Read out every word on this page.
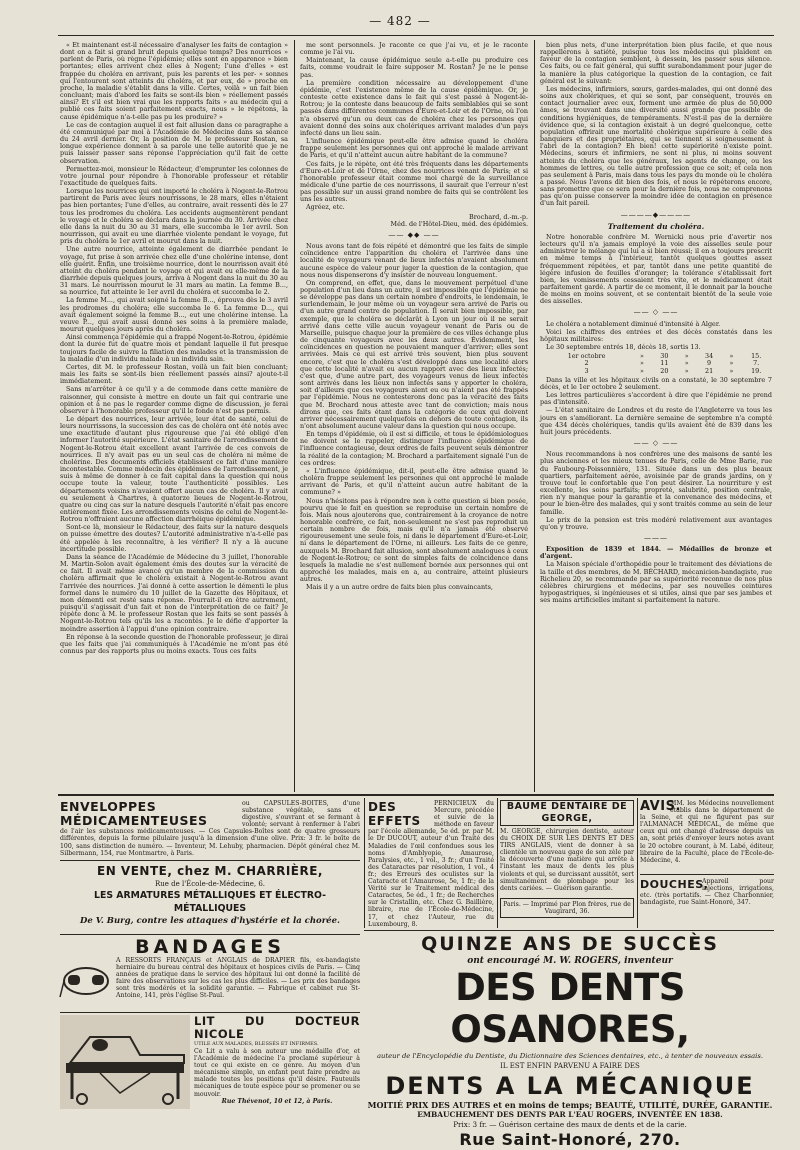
— 482 —

« Et maintenant est-il nécessaire d'analyser les faits de contagion » dont on a fait si grand bruit depuis quelque temps? Des nourrices » parlent de Paris, où règne l'épidémie; elles sont en apparence » bien portantes; elles arrivent chez elles à Nogent; l'une d'elles » est frappée du choléra en arrivant, puis les parents et les per- » sonnes qui l'entourent sont atteints du choléra, et par eux, de » proche en proche, la maladie s'établit dans la ville. Certes, voilà » un fait bien concluant; mais d'abord les faits se sont-ils bien » réellement passés ainsi? Et s'il est bien vrai que les rapports faits » au médecin qui a publié ces faits soient parfaitement exacts, nous » le répétons, la cause épidémique n'a-t-elle pas pu les produire? »

Le cas de contagion auquel il est fait allusion dans ce paragraphe a été communiqué par moi à l'Académie de Médecine dans sa séance du 24 avril dernier. Or, la position de M. le professeur Rostan, sa longue expérience donnent à sa parole une telle autorité que je ne puis laisser passer sans réponse l'appréciation qu'il fait de cette observation.

Permettez-moi, monsieur le Rédacteur, d'emprunter les colonnes de votre journal pour répondre à l'honorable professeur et rétablir l'exactitude de quelques faits.

Lorsque les nourrices qui ont importé le choléra à Nogent-le-Rotrou partirent de Paris avec leurs nourrissons, le 28 mars, elles n'étaient pas bien portantes; l'une d'elles, au contraire, avait ressenti dès le 27 tous les prodromes du choléra. Les accidents augmentèrent pendant le voyage et le choléra se déclara dans la journée du 30. Arrivée chez elle dans la nuit du 30 au 31 mars, elle succomba le 1er avril. Son nourrisson, qui avait eu une diarrhée violente pendant le voyage, fut pris du choléra le 1er avril et mourut dans la nuit.

Une autre nourrice, atteinte également de diarrhée pendant le voyage, fut prise à son arrivée chez elle d'une cholérine intense, dont elle guérit. Enfin, une troisième nourrice, dont le nourrisson avait été atteint du choléra pendant le voyage et qui avait eu elle-même de la diarrhée depuis quelques jours, arriva à Nogent dans la nuit du 30 au 31 mars. Le nourrisson mourut le 31 mars au matin. La femme B..., sa nourrice, fut atteinte le 1er avril du choléra et succomba le 2.

La femme M..., qui avait soigné la femme B..., éprouva dès le 3 avril les prodromes du choléra; elle succomba le 6. La femme D..., qui avait également soigné la femme B..., eut une cholérine intense. La veuve P..., qui avait aussi donné ses soins à la première malade, mourut quelques jours après du choléra.

Ainsi commença l'épidémie qui a frappé Nogent-le-Rotrou, épidémie dont la durée fut de quatre mois et pendant laquelle il fut presque toujours facile de suivre la filiation des malades et la transmission de la maladie d'un individu malade à un individu sain.

Certes, dit M. le professeur Rostan, voilà un fait bien concluant; mais les faits se sont-ils bien réellement passés ainsi? ajoute-t-il immédiatement.

Sans m'arrêter à ce qu'il y a de commode dans cette manière de raisonner, qui consiste à mettre en doute un fait qui contrarie une opinion et à ne pas le regarder comme digne de discussion, je ferai observer à l'honorable professeur qu'il le fonde n'est pas permis.

Le départ des nourrices, leur arrivée, leur état de santé, celui de leurs nourrissons, la succession des cas de choléra ont été notés avec une exactitude d'autant plus rigoureuse que j'ai été obligé d'en informer l'autorité supérieure. L'état sanitaire de l'arrondissement de Nogent-le-Rotrou était excellent avant l'arrivée de ces convois de nourrices. Il n'y avait pas eu un seul cas de choléra ni même de cholérine. Des documents officiels établissent ce fait d'une manière incontestable. Comme médecin des épidémies de l'arrondissement, je suis à même de donner à ce fait capital dans la question qui nous occupe toute la valeur, toute l'authenticité possibles. Les départements voisins n'avaient offert aucun cas de choléra. Il y avait eu seulement à Chartres, à quatorze lieues de Nogent-le-Rotrou, quatre ou cinq cas sur la nature desquels l'autorité n'était pas encore entièrement fixée. Les arrondissements voisins de celui de Nogent-le-Rotrou n'offraient aucune affection diarrhéique épidémique.

Sont-ce là, monsieur le Rédacteur, des faits sur la nature desquels on puisse émettre des doutes? L'autorité administrative n'a-t-elle pas été appelée à les reconnaître, à les vérifier? Il n'y a là aucune incertitude possible.

Dans la séance de l'Académie de Médecine du 3 juillet, l'honorable M. Martin-Solon avait également émis des doutes sur la véracité de ce fait. Il avait même avancé qu'un membre de la commission du choléra affirmait que le choléra existait à Nogent-le-Rotrou avant l'arrivée des nourrices. J'ai donné à cette assertion le démenti le plus formel dans le numéro du 10 juillet de la Gazette des Hôpitaux, et mon démenti est resté sans réponse. Pourrait-il en être autrement, puisqu'il s'agissait d'un fait et non de l'interprétation de ce fait? Je répète donc à M. le professeur Rostan que les faits se sont passés à Nogent-le-Rotrou tels qu'ils les a racontés. Je le défie d'apporter la moindre assertion à l'appui d'une opinion contraire.

En réponse à la seconde question de l'honorable professeur, je dirai que les faits que j'ai communiqués à l'Académie ne m'ont pas été connus par des rapports plus ou moins exacts. Tous ces faits

me sont personnels. Je raconte ce que j'ai vu, et je le raconte comme je l'ai vu.

Maintenant, la cause épidémique seule a-t-elle pu produire ces faits, comme voudrait le faire supposer M. Rostan? Je ne le pense pas.

La première condition nécessaire au développement d'une épidémie, c'est l'existence même de la cause épidémique. Or, je conteste cette existence dans le fait qui s'est passé à Nogent-le-Rotrou; je la conteste dans beaucoup de faits semblables qui se sont passés dans différentes communes d'Eure-et-Loir et de l'Orne, où l'on n'a observé qu'un ou deux cas de choléra chez les personnes qui avaient donné des soins aux cholériques arrivant malades d'un pays infecté dans un lieu sain.

L'influence épidémique peut-elle être admise quand le choléra frappe seulement les personnes qui ont approché le malade arrivant de Paris, et qu'il n'atteint aucun autre habitant de la commune?

Ces faits, je le répète, ont été très fréquents dans les départements d'Eure-et-Loir et de l'Orne, chez des nourrices venant de Paris; et si l'honorable professeur était comme moi chargé de la surveillance médicale d'une partie de ces nourrissons, il saurait que l'erreur n'est pas possible sur un aussi grand nombre de faits qui se contrôlent les uns les autres.

Agréez, etc.

Brochard, d.-m.-p.
Méd. de l'Hôtel-Dieu, méd. des épidémies.
—— ◆◆ ——

Nous avons tant de fois répété et démontré que les faits de simple coïncidence entre l'apparition du choléra et l'arrivée dans une localité de voyageurs venant de lieux infectés n'avaient absolument aucune espèce de valeur pour juger la question de la contagion, que nous nous dispenserons d'y insister de nouveau longuement.

On comprend, en effet, que, dans le mouvement perpétuel d'une population d'un lieu dans un autre, il est impossible que l'épidémie ne se développe pas dans un certain nombre d'endroits, le lendemain, le surlendemain, le jour même où un voyageur sera arrivé de Paris ou d'un autre grand centre de population. Il serait bien impossible, par exemple, que le choléra se déclarât à Lyon un jour où il ne serait arrivé dans cette ville aucun voyageur venant de Paris ou de Marseille, puisque chaque jour la première de ces villes échange plus de cinquante voyageurs avec les deux autres. Évidemment, les coïncidences en question ne pouvaient manquer d'arriver; elles sont arrivées. Mais ce qui est arrivé très souvent, bien plus souvent encore, c'est que le choléra s'est développé dans une localité alors que cette localité n'avait eu aucun rapport avec des lieux infectés; c'est que, d'une autre part, des voyageurs venus de lieux infectés sont arrivés dans les lieux non infectés sans y apporter le choléra, soit d'ailleurs que ces voyageurs aient eu ou n'aient pas été frappés par l'épidémie. Nous ne contesterons donc pas la véracité des faits que M. Brochard nous atteste avec tant de conviction; mais nous dirons que, ces faits étant dans la catégorie de ceux qui doivent arriver nécessairement quelquefois en dehors de toute contagion, ils n'ont absolument aucune valeur dans la question qui nous occupe.

En temps d'épidémie, où il est si difficile, et tous le épidémiologues ne doivent se le rappeler, distinguer l'influence épidémique de l'influence contagieuse, deux ordres de faits peuvent seuls démontrer la réalité de la contagion; M. Brochard a parfaitement signalé l'un de ces ordres:

« L'influence épidémique, dit-il, peut-elle être admise quand le choléra frappe seulement les personnes qui ont approché le malade arrivant de Paris, et qu'il n'atteint aucun autre habitant de la commune? »

Nous n'hésitons pas à répondre non à cette question si bien posée, pourvu que le fait en question se reproduise un certain nombre de fois. Mais nous ajouterons que, contrairement à la croyance de notre honorable confrère, ce fait, non-seulement ne s'est pas reproduit un certain nombre de fois, mais qu'il n'a jamais été observé rigoureusement une seule fois, ni dans le département d'Eure-et-Loir, ni dans le département de l'Orne, ni ailleurs. Les faits de ce genre, auxquels M. Brochard fait allusion, sont absolument analogues à ceux de Nogent-le-Rotrou; ce sont de simples faits de coïncidence dans lesquels la maladie ne s'est nullement bornée aux personnes qui ont approché les malades, mais en a, au contraire, atteint plusieurs autres.

Mais il y a un autre ordre de faits bien plus convaincants,

bien plus nets, d'une interprétation bien plus facile, et que nous rappellerons à satiété, puisque tous les médecins qui plaident en faveur de la contagion semblent, à dessein, les passer sous silence. Ces faits, ou ce fait général, qui suffit surabondamment pour juger de la manière la plus catégorique la question de la contagion, ce fait général est le suivant:

Les médecins, infirmiers, sœurs, gardes-malades, qui ont donné des soins aux cholériques, et qui se sont, par conséquent, trouvés en contact journalier avec eux, forment une armée de plus de 50,000 âmes, se trouvant dans une diversité aussi grande que possible de conditions hygiéniques, de tempéraments. N'est-il pas de la dernière évidence que, si la contagion existait à un degré quelconque, cette population offrirait une mortalité cholérique supérieure à celle des banquiers et des propriétaires, qui se tiennent si soigneusement à l'abri de la contagion? Eh bien! cette supériorité n'existe point. Médecins, sœurs et infirmiers, ne sont ni plus, ni moins souvent atteints du choléra que les généraux, les agents de change, ou les hommes de lettres, ou telle autre profession que ce soit; et cela non pas seulement à Paris, mais dans tous les pays du monde où le choléra a passé. Nous l'avons dit bien des fois, et nous le répéterons encore, sans promettre que ce sera pour la dernière fois, nous ne comprenons pas qu'on puisse conserver la moindre idée de contagion en présence d'un fait pareil.

————◆————
Traitement du choléra.

Notre honorable confrère M. Wernicki nous prie d'avertir nos lecteurs qu'il n'a jamais employé la voie des aisselles seule pour administrer le mélange qui lui a si bien réussi; il en a toujours prescrit en même temps à l'intérieur, tantôt quelques gouttes assez fréquemment répétées, et par, tantôt dans une petite quantité de légère infusion de feuilles d'oranger; la tolérance s'établissait fort bien, les vomissements cessaient très vite, et le médicament était parfaitement gardé. A partir de ce moment, il le donnait par la bouche de moins en moins souvent, et se contentait bientôt de la seule voie des aisselles.

—— ◇ ——

Le choléra a notablement diminué d'intensité à Alger.

Voici les chiffres des entrées et des décès constatés dans les hôpitaux militaires:

Le 30 septembre entrés 18, décès 18, sortis 13.

1er octobre	»	30	»	34	»	15.
2	»	11	»	9	»	7.
3	»	20	»	21	»	19.

Dans la ville et les hôpitaux civils on a constaté, le 30 septembre 7 décès, et le 1er octobre 2 seulement.

Les lettres particulières s'accordent à dire que l'épidémie ne prend pas d'intensité.

— L'état sanitaire de Londres et du reste de l'Angleterre va tous les jours en s'améliorant. La dernière semaine de septembre n'a compté que 434 décès cholériques, tandis qu'ils avaient été de 839 dans les huit jours précédents.

—— ◇ ——

Nous recommandons à nos confrères une des maisons de santé les plus anciennes et les mieux tenues de Paris, celle de Mme Barie, rue du Faubourg-Poissonnière, 131. Située dans un des plus beaux quartiers, parfaitement aérée, avoisinée par de grands jardins, on y trouve tout le confortable que l'on peut désirer. La nourriture y est excellente, les soins parfaits; propreté, salubrité, position centrale, rien n'y manque pour la garantie et la convenance des médecins, et pour le bien-être des malades, qui y sont traités comme au sein de leur famille.

Le prix de la pension est très modéré relativement aux avantages qu'on y trouve.

———

Exposition de 1839 et 1844. — Médailles de bronze et d'argent.

La Maison spéciale d'orthopédie pour le traitement des déviations de la taille et des membres, de M. BÉCHARD, mécanicien-bandagiste, rue Richelieu 20, se recommande par sa supériorité reconnue de nos plus célèbres chirurgiens et médecins, par ses nouvelles ceintures hypogastriques, si ingénieuses et si utiles, ainsi que par ses jambes et ses mains artificielles imitant si parfaitement la nature.

ENVELOPPES MÉDICAMENTEUSES
ou CAPSULES-BOITES, d'une substance végétale, sans et digestive, s'ouvrant et se fermant à volonté; servant à renfermer à l'abri de l'air les substances médicamenteuses. — Ces Capsules-Boîtes sont de quatre grosseurs différentes, depuis la forme pilulaire jusqu'à la dimension d'une olive. Prix: 3 fr. le boîte de 100, sans distinction de numéro. — Inventeur, M. Lehuby, pharmacien. Dépôt général chez M. Silbermann, 154, rue Montmartre, à Paris.
EN VENTE, chez M. CHARRIÈRE,
Rue de l'École-de-Médecine, 6.
LES ARMATURES MÉTALLIQUES ET ÉLECTRO-MÉTALLIQUES
De V. Burg, contre les attaques d'hystérie et la chorée.
BANDAGES
A RESSORTS FRANÇAIS et ANGLAIS de DRAPIER fils, ex-bandagiste herniaire du bureau central des hôpitaux et hospices civils de Paris. — Cinq années de pratique dans le service des hôpitaux lui ont donné la facilité de faire des observations sur les cas les plus difficiles. — Les prix des bandages sont très modérés et la solidité garantie. — Fabrique et cabinet rue St-Antoine, 141, près l'église St-Paul.
LIT DU DOCTEUR NICOLE
UTILE AUX MALADES, BLESSÉS ET INFIRMES.
Ce Lit a valu à son auteur une médaille d'or, et l'Académie de médecine l'a proclamé supérieur à tout ce qui existe en ce genre. Au moyen d'un mécanisme simple, un enfant peut faire prendre au malade toutes les positions qu'il désire. Fauteuils mécaniques de toute espèce pour se promener ou se mouvoir.
Rue Thévenot, 10 et 12, à Paris.
DES EFFETS
PERNICIEUX du Mercure, précédée et suivie de la méthode en faveur par l'école allemande, 5e éd. pr. par M. le Dr DUCOUT, auteur d'un Traité des Maladies de l'œil confondues sous les noms d'Amblyopie, Amaurose, Paralysies, etc., 1 vol., 3 fr.; d'un Traité des Cataractes par résolution, 1 vol., 4 fr.; des Erreurs des oculistes sur la Cataracte et l'Amaurose, 5e, 1 fr.; de la Vérité sur le Traitement médical des Cataractes, 5e éd., 1 fr.; de Recherches sur le Cristallin, etc. Chez G. Baillière, libraire, rue de l'École-de-Médecine, 17, et chez l'Auteur, rue du Luxembourg, 8.
BAUME DENTAIRE DE GEORGE,
M. GEORGE, chirurgien dentiste, auteur du CHOIX DE SUR LES DENTS ET DES TIRS ANGLAIS, vient de donner à sa clientèle un nouveau gage de son zèle par la découverte d'une matière qui arrête à l'instant les maux de dents les plus violents et qui, se durcissant aussitôt, sert simultanément de plombage pour les dents cariées. — Guérison garantie.
Paris. — Imprimé par Plon frères, rue de Vaugirard, 36.
AVIS.
MM. les Médecins nouvellement établis dans le département de la Seine, et qui ne figurent pas sur l'ALMANACH MÉDICAL, de même que ceux qui ont changé d'adresse depuis un an, sont priés d'envoyer leurs notes avant le 20 octobre courant, à M. Labé, éditeur, libraire de la Faculté, place de l'École-de-Médecine, 4.
DOUCHES,
Appareil pour injections, irrigations, etc. (très portatifs. — Chez Charbonnier, bandagiste, rue Saint-Honoré, 347.
QUINZE ANS DE SUCCÈS
ont encouragé M. W. ROGERS, inventeur
DES DENTS OSANORES,
auteur de l'Encyclopédie du Dentiste, du Dictionnaire des Sciences dentaires, etc., à tenter de nouveaux essais.
IL EST ENFIN PARVENU A FAIRE DES
DENTS A LA MÉCANIQUE
MOITIÉ PRIX DES AUTRES et en moins de temps; BEAUTÉ, UTILITÉ, DURÉE, GARANTIE.
EMBAUCHEMENT DES DENTS PAR L'EAU ROGERS, INVENTÉE EN 1838.
Prix: 3 fr. — Guérison certaine des maux de dents et de la carie.
Rue Saint-Honoré, 270.
